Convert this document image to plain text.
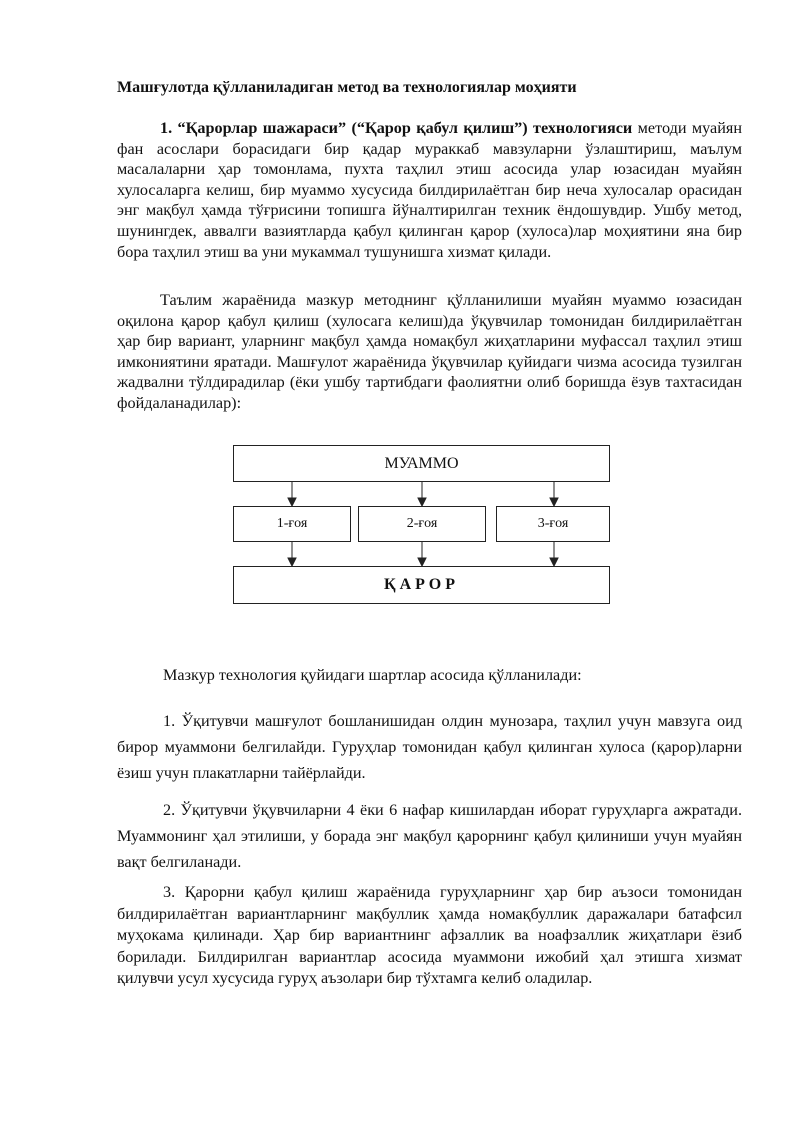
Машғулотда қўлланиладиган метод ва технологиялар моҳияти

1. “Қарорлар шажараси” (“Қарор қабул қилиш”) технологияси методи муайян фан асослари борасидаги бир қадар мураккаб мавзуларни ўзлаштириш, маълум масалаларни ҳар томонлама, пухта таҳлил этиш асосида улар юзасидан муайян хулосаларга келиш, бир муаммо хусусида билдирилаётган бир неча хулосалар орасидан энг мақбул ҳамда тўғрисини топишга йўналтирилган техник ёндошувдир. Ушбу метод, шунингдек, аввалги вазиятларда қабул қилинган қарор (хулоса)лар моҳиятини яна бир бора таҳлил этиш ва уни мукаммал тушунишга хизмат қилади.

Таълим жараёнида мазкур методнинг қўлланилиши муайян муаммо юзасидан оқилона қарор қабул қилиш (хулосага келиш)да ўқувчилар томонидан билдирилаётган ҳар бир вариант, уларнинг мақбул ҳамда номақбул жиҳатларини муфассал таҳлил этиш имкониятини яратади. Машғулот жараёнида ўқувчилар қуйидаги чизма асосида тузилган жадвални тўлдирадилар (ёки ушбу тартибдаги фаолиятни олиб боришда ёзув тахтасидан фойдаланадилар):

МУАММО
1-ғоя	2-ғоя	3-ғоя
ҚАРОР

Мазкур технология қуйидаги шартлар асосида қўлланилади:

1. Ўқитувчи машғулот бошланишидан олдин мунозара, таҳлил учун мавзуга оид бирор муаммони белгилайди. Гуруҳлар томонидан қабул қилинган хулоса (қарор)ларни ёзиш учун плакатларни тайёрлайди.

2. Ўқитувчи ўқувчиларни 4 ёки 6 нафар кишилардан иборат гуруҳларга ажратади. Муаммонинг ҳал этилиши, у борада энг мақбул қарорнинг қабул қилиниши учун муайян вақт белгиланади.

3. Қарорни қабул қилиш жараёнида гуруҳларнинг ҳар бир аъзоси томонидан билдирилаётган вариантларнинг мақбуллик ҳамда номақбуллик даражалари батафсил муҳокама қилинади. Ҳар бир вариантнинг афзаллик ва ноафзаллик жиҳатлари ёзиб борилади. Билдирилган вариантлар асосида муаммони ижобий ҳал этишга хизмат қилувчи усул хусусида гуруҳ аъзолари бир тўхтамга келиб оладилар.
